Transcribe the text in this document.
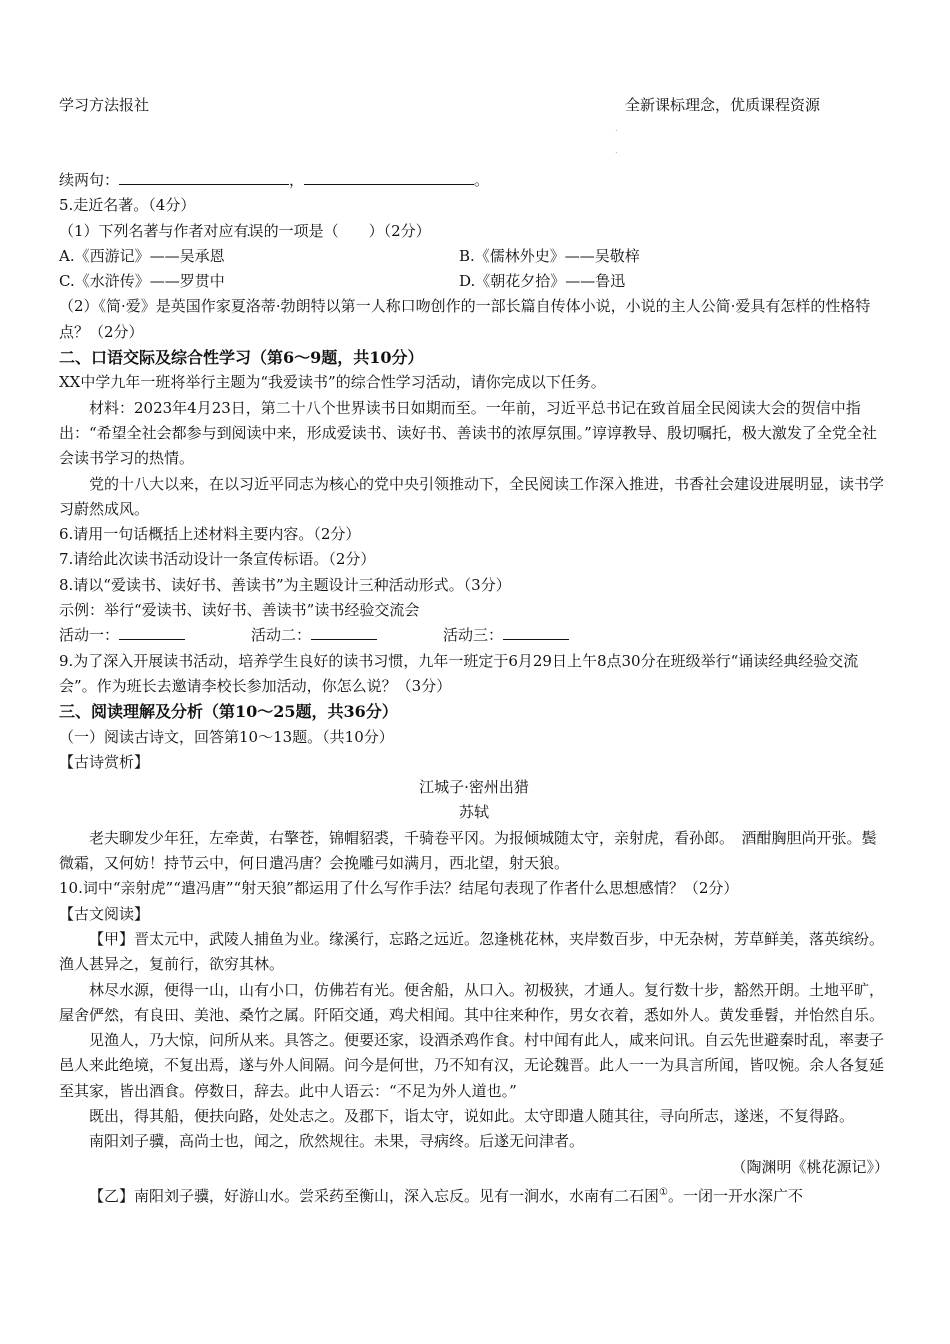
学习方法报社	全新课标理念，优质课程资源
.
.
续两句：	，	。
5.走近名著。（4分）
（1）下列名著与作者对应有误的一项是（　　）（2分）
A.《西游记》——吴承恩	B.《儒林外史》——吴敬梓
C.《水浒传》——罗贯中	D.《朝花夕拾》——鲁迅
（2）《简·爱》是英国作家夏洛蒂·勃朗特以第一人称口吻创作的一部长篇自传体小说，小说的主人公简·爱具有怎样的性格特点？（2分）
二、口语交际及综合性学习（第6～9题，共10分）
XX中学九年一班将举行主题为“我爱读书”的综合性学习活动，请你完成以下任务。
材料：2023年4月23日，第二十八个世界读书日如期而至。一年前，习近平总书记在致首届全民阅读大会的贺信中指出：“希望全社会都参与到阅读中来，形成爱读书、读好书、善读书的浓厚氛围。”谆谆教导、殷切嘱托，极大激发了全党全社会读书学习的热情。
党的十八大以来，在以习近平同志为核心的党中央引领推动下，全民阅读工作深入推进，书香社会建设进展明显，读书学习蔚然成风。
6.请用一句话概括上述材料主要内容。（2分）
7.请给此次读书活动设计一条宣传标语。（2分）
8.请以“爱读书、读好书、善读书”为主题设计三种活动形式。（3分）
示例：举行“爱读书、读好书、善读书”读书经验交流会
活动一：	活动二：	活动三：
9.为了深入开展读书活动，培养学生良好的读书习惯，九年一班定于6月29日上午8点30分在班级举行“诵读经典经验交流会”。作为班长去邀请李校长参加活动，你怎么说？（3分）
三、阅读理解及分析（第10～25题，共36分）
（一）阅读古诗文，回答第10～13题。（共10分）
【古诗赏析】
江城子·密州出猎
苏轼
老夫聊发少年狂，左牵黄，右擎苍，锦帽貂裘，千骑卷平冈。为报倾城随太守，亲射虎，看孙郎。　酒酣胸胆尚开张。鬓微霜，又何妨！持节云中，何日遣冯唐？会挽雕弓如满月，西北望，射天狼。
10.词中“亲射虎”“遣冯唐”“射天狼”都运用了什么写作手法？结尾句表现了作者什么思想感情？（2分）
【古文阅读】
【甲】晋太元中，武陵人捕鱼为业。缘溪行，忘路之远近。忽逢桃花林，夹岸数百步，中无杂树，芳草鲜美，落英缤纷。渔人甚异之，复前行，欲穷其林。
林尽水源，便得一山，山有小口，仿佛若有光。便舍船，从口入。初极狭，才通人。复行数十步，豁然开朗。土地平旷，屋舍俨然，有良田、美池、桑竹之属。阡陌交通，鸡犬相闻。其中往来种作，男女衣着，悉如外人。黄发垂髫，并怡然自乐。
见渔人，乃大惊，问所从来。具答之。便要还家，设酒杀鸡作食。村中闻有此人，咸来问讯。自云先世避秦时乱，率妻子邑人来此绝境，不复出焉，遂与外人间隔。问今是何世，乃不知有汉，无论魏晋。此人一一为具言所闻，皆叹惋。余人各复延至其家，皆出酒食。停数日，辞去。此中人语云：“不足为外人道也。”
既出，得其船，便扶向路，处处志之。及郡下，诣太守，说如此。太守即遣人随其往，寻向所志，遂迷，不复得路。
南阳刘子骥，高尚士也，闻之，欣然规往。未果，寻病终。后遂无问津者。
（陶渊明《桃花源记》）
【乙】南阳刘子骥，好游山水。尝采药至衡山，深入忘反。见有一涧水，水南有二石囷①。一闭一开水深广不
